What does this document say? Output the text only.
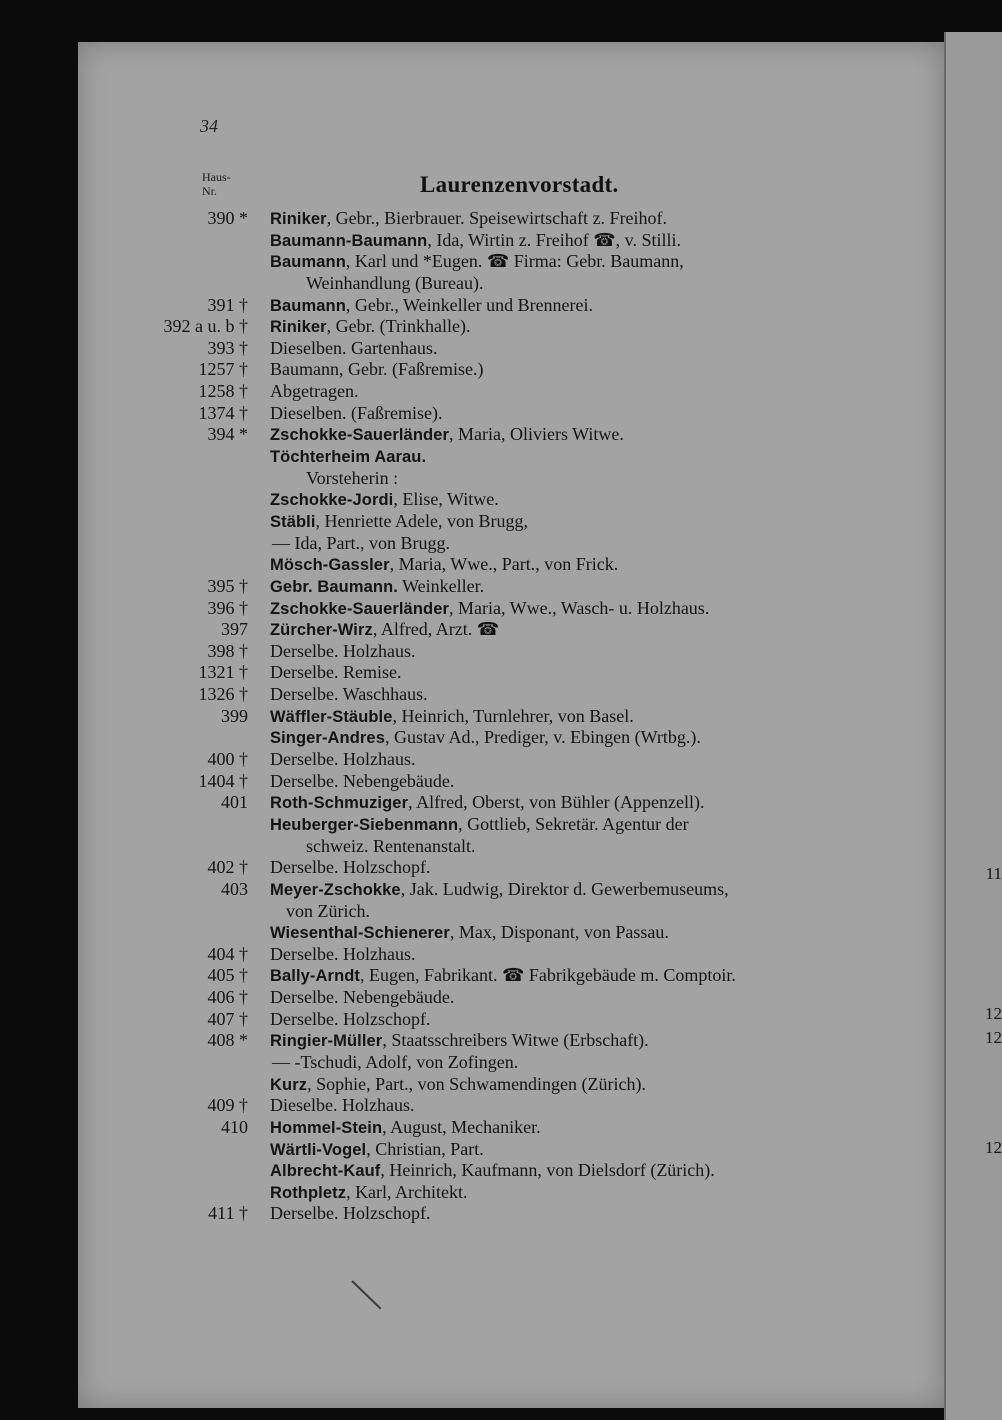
11
12
12
12
34
Haus-
Nr.	Laurenzenvorstadt.
390 * Riniker, Gebr., Bierbrauer. Speisewirtschaft z. Freihof.
Baumann-Baumann, Ida, Wirtin z. Freihof ☎, v. Stilli.
Baumann, Karl und *Eugen. ☎ Firma: Gebr. Baumann,
Weinhandlung (Bureau).
391 † Baumann, Gebr., Weinkeller und Brennerei.
392 a u. b † Riniker, Gebr. (Trinkhalle).
393 † Dieselben. Gartenhaus.
1257 † Baumann, Gebr. (Faßremise.)
1258 † Abgetragen.
1374 † Dieselben. (Faßremise).
394 * Zschokke-Sauerländer, Maria, Oliviers Witwe.
Töchterheim Aarau.
Vorsteherin :
Zschokke-Jordi, Elise, Witwe.
Stäbli, Henriette Adele, von Brugg,
— Ida, Part., von Brugg.
Mösch-Gassler, Maria, Wwe., Part., von Frick.
395 † Gebr. Baumann. Weinkeller.
396 † Zschokke-Sauerländer, Maria, Wwe., Wasch- u. Holzhaus.
397 Zürcher-Wirz, Alfred, Arzt. ☎
398 † Derselbe. Holzhaus.
1321 † Derselbe. Remise.
1326 † Derselbe. Waschhaus.
399 Wäffler-Stäuble, Heinrich, Turnlehrer, von Basel.
Singer-Andres, Gustav Ad., Prediger, v. Ebingen (Wrtbg.).
400 † Derselbe. Holzhaus.
1404 † Derselbe. Nebengebäude.
401 Roth-Schmuziger, Alfred, Oberst, von Bühler (Appenzell).
Heuberger-Siebenmann, Gottlieb, Sekretär. Agentur der
schweiz. Rentenanstalt.
402 † Derselbe. Holzschopf.
403 Meyer-Zschokke, Jak. Ludwig, Direktor d. Gewerbemuseums,
von Zürich.
Wiesenthal-Schienerer, Max, Disponant, von Passau.
404 † Derselbe. Holzhaus.
405 † Bally-Arndt, Eugen, Fabrikant. ☎ Fabrikgebäude m. Comptoir.
406 † Derselbe. Nebengebäude.
407 † Derselbe. Holzschopf.
408 * Ringier-Müller, Staatsschreibers Witwe (Erbschaft).
— -Tschudi, Adolf, von Zofingen.
Kurz, Sophie, Part., von Schwamendingen (Zürich).
409 † Dieselbe. Holzhaus.
410 Hommel-Stein, August, Mechaniker.
Wärtli-Vogel, Christian, Part.
Albrecht-Kauf, Heinrich, Kaufmann, von Dielsdorf (Zürich).
Rothpletz, Karl, Architekt.
411 † Derselbe. Holzschopf.
